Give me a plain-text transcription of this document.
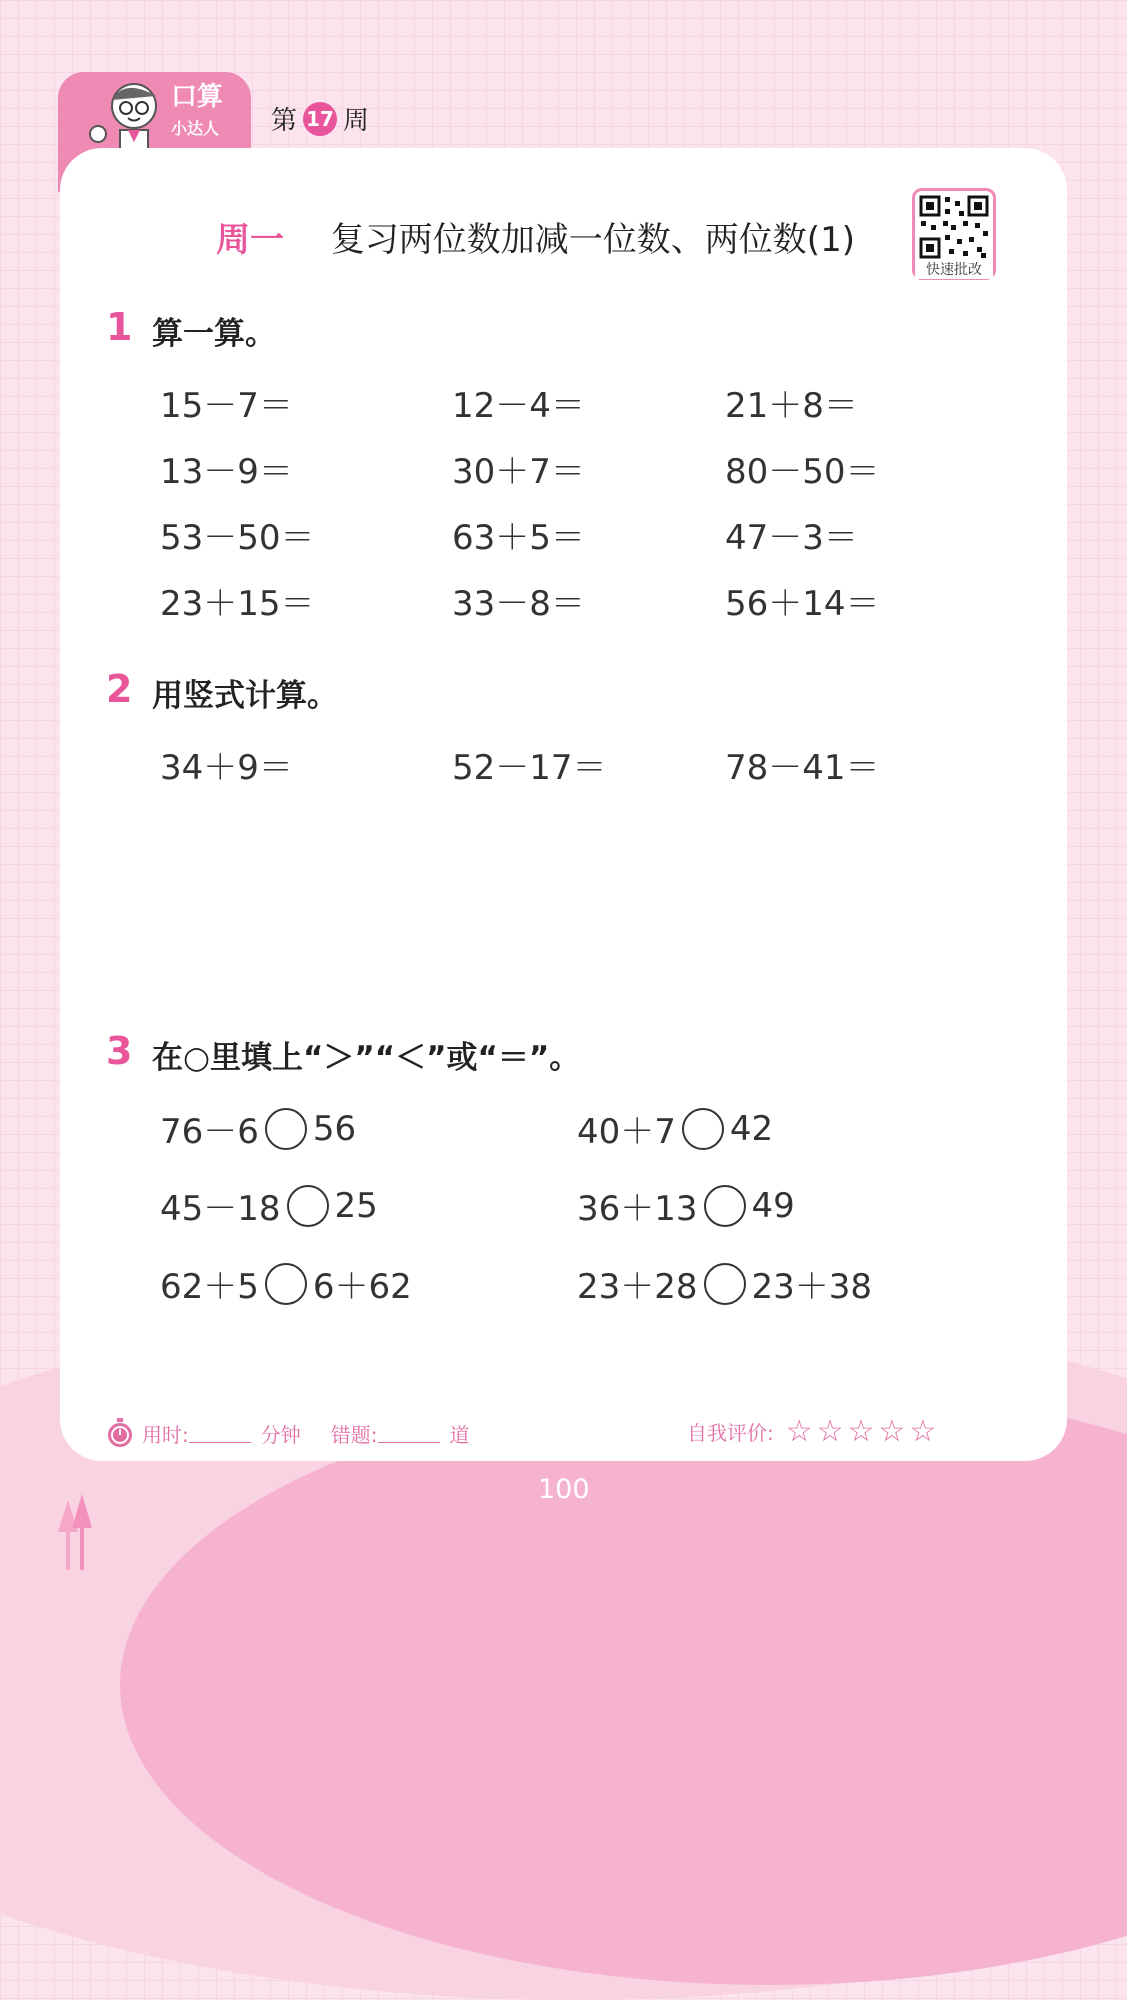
口算
小达人 第 17 周
周一 复习两位数加减一位数、两位数(1)
快速批改
1 算一算。
15－7＝	12－4＝	21＋8＝
13－9＝	30＋7＝	80－50＝
53－50＝	63＋5＝	47－3＝
23＋15＝	33－8＝	56＋14＝
2 用竖式计算。
34＋9＝	52－17＝	78－41＝
3 在○里填上“＞”“＜”或“＝”。
76－6 56	40＋7 42
45－18 25	36＋13 49
62＋5 6＋62	23＋28 23＋38
用时:	分钟 错题:	道	自我评价: ☆☆☆☆☆
100
